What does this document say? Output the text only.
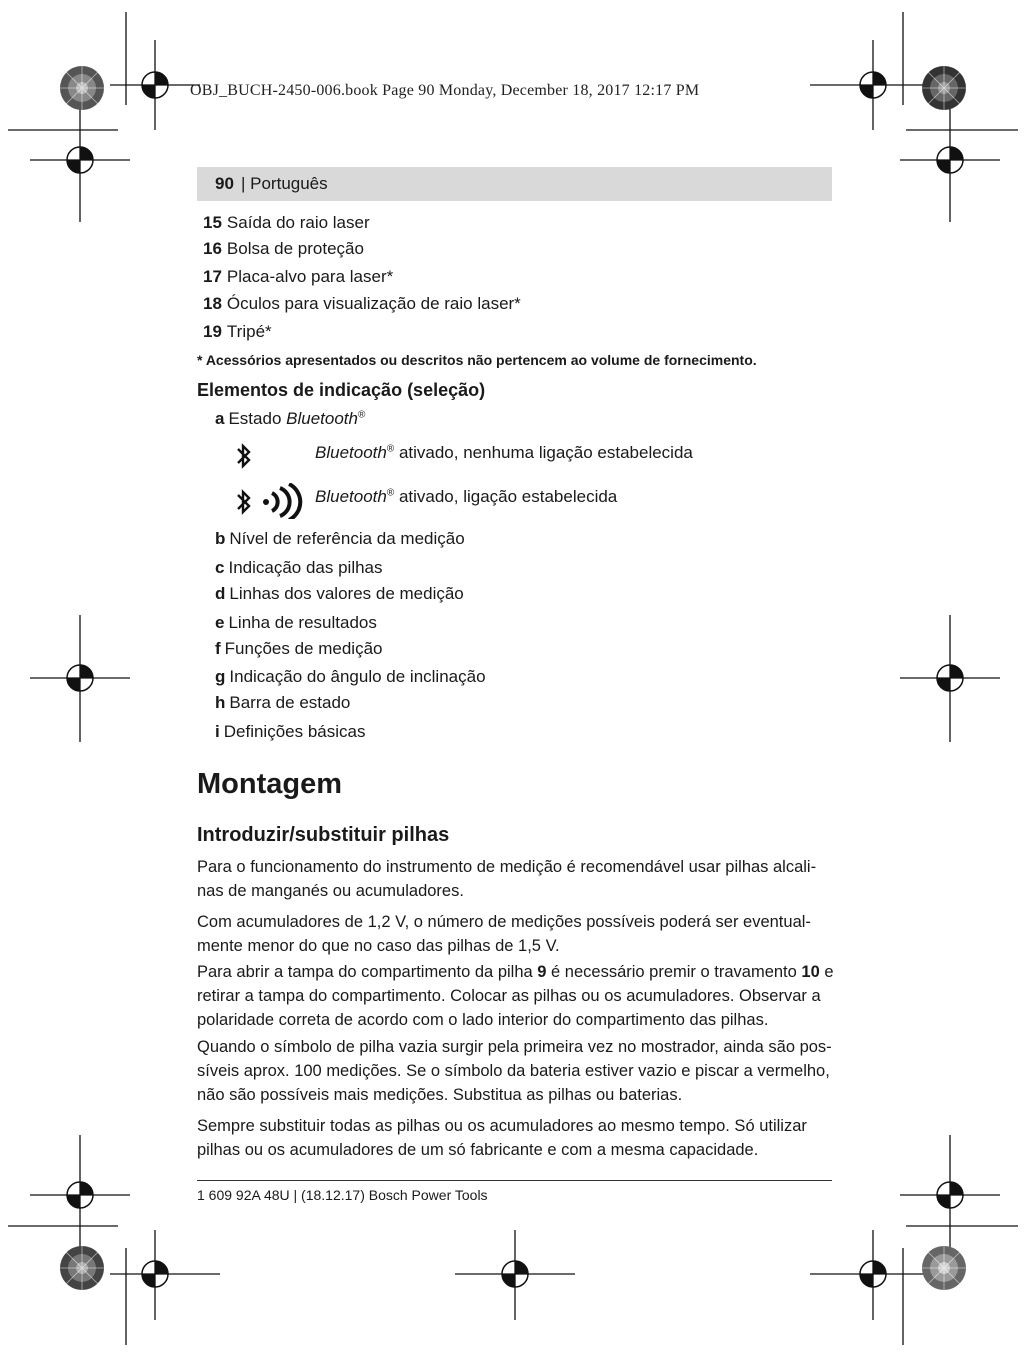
OBJ_BUCH-2450-006.book Page 90 Monday, December 18, 2017 12:17 PM
90 | Português
15 Saída do raio laser
16 Bolsa de proteção
17 Placa-alvo para laser*
18 Óculos para visualização de raio laser*
19 Tripé*
* Acessórios apresentados ou descritos não pertencem ao volume de fornecimento.
Elementos de indicação (seleção)
a Estado Bluetooth®
Bluetooth® ativado, nenhuma ligação estabelecida
Bluetooth® ativado, ligação estabelecida
b Nível de referência da medição
c Indicação das pilhas
d Linhas dos valores de medição
e Linha de resultados
f Funções de medição
g Indicação do ângulo de inclinação
h Barra de estado
i Definições básicas
Montagem
Introduzir/substituir pilhas
Para o funcionamento do instrumento de medição é recomendável usar pilhas alcali-nas de manganés ou acumuladores.
Com acumuladores de 1,2 V, o número de medições possíveis poderá ser eventual-mente menor do que no caso das pilhas de 1,5 V.
Para abrir a tampa do compartimento da pilha 9 é necessário premir o travamento 10 e retirar a tampa do compartimento. Colocar as pilhas ou os acumuladores. Observar a polaridade correta de acordo com o lado interior do compartimento das pilhas.
Quando o símbolo de pilha vazia surgir pela primeira vez no mostrador, ainda são pos-síveis aprox. 100 medições. Se o símbolo da bateria estiver vazio e piscar a vermelho, não são possíveis mais medições. Substitua as pilhas ou baterias.
Sempre substituir todas as pilhas ou os acumuladores ao mesmo tempo. Só utilizar pilhas ou os acumuladores de um só fabricante e com a mesma capacidade.
1 609 92A 48U | (18.12.17) Bosch Power Tools
